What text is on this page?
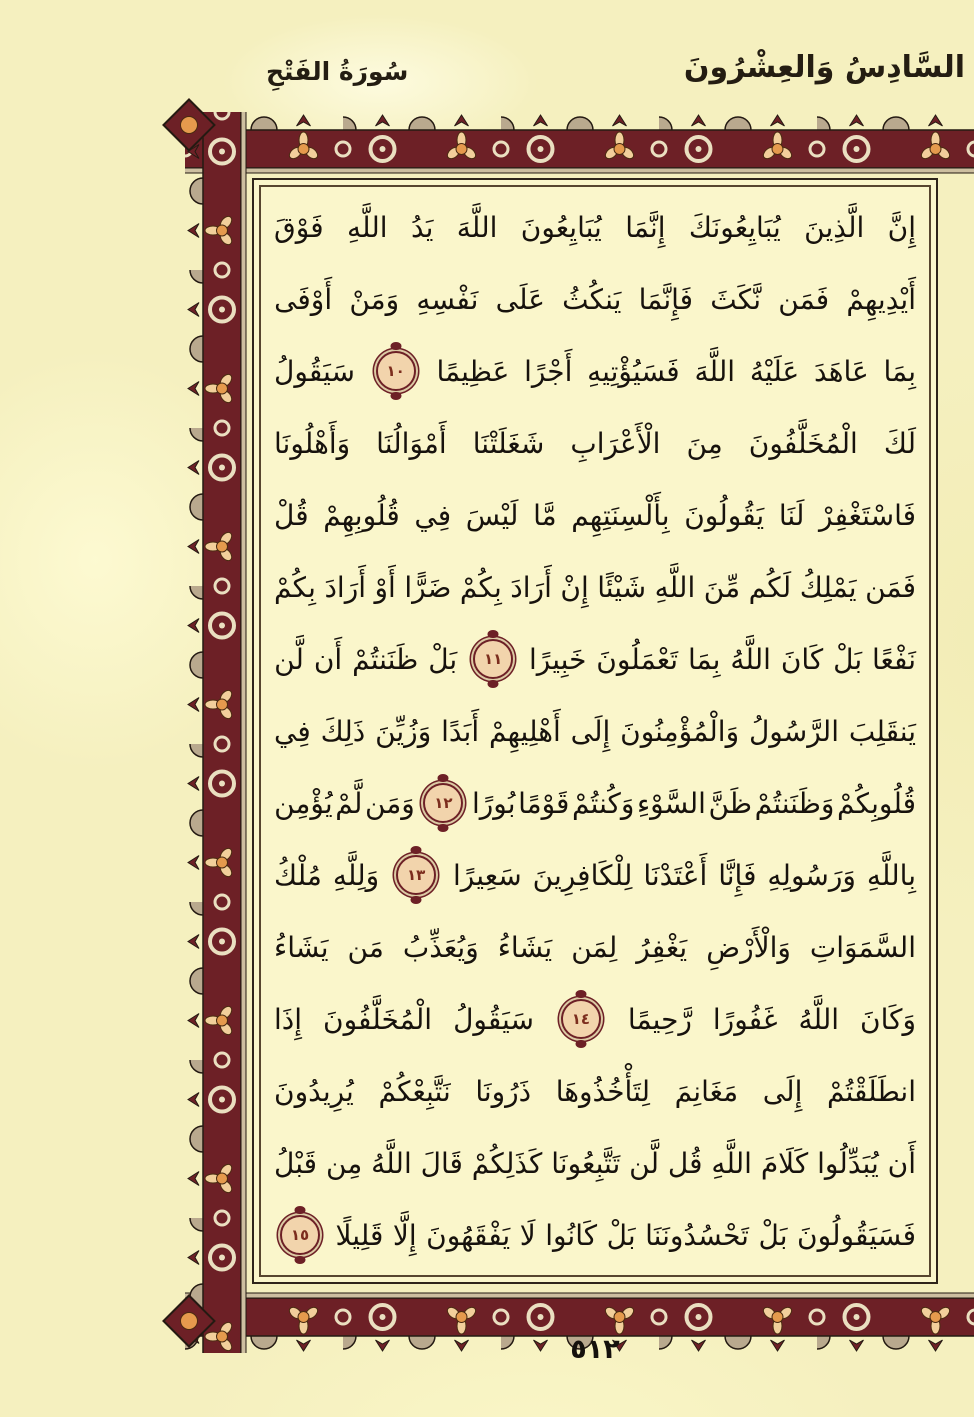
السَّادِسُ وَالعِشْرُونَ
سُورَةُ الفَتْحِ
إِنَّ
الَّذِينَ
يُبَايِعُونَكَ
إِنَّمَا
يُبَايِعُونَ
اللَّهَ
يَدُ
اللَّهِ
فَوْقَ
أَيْدِيهِمْ
فَمَن
نَّكَثَ
فَإِنَّمَا
يَنكُثُ
عَلَى
نَفْسِهِ
وَمَنْ
أَوْفَى
بِمَا
عَاهَدَ
عَلَيْهُ
اللَّهَ
فَسَيُؤْتِيهِ
أَجْرًا
عَظِيمًا
١٠
سَيَقُولُ
لَكَ
الْمُخَلَّفُونَ
مِنَ
الْأَعْرَابِ
شَغَلَتْنَا
أَمْوَالُنَا
وَأَهْلُونَا
فَاسْتَغْفِرْ
لَنَا
يَقُولُونَ
بِأَلْسِنَتِهِم
مَّا
لَيْسَ
فِي
قُلُوبِهِمْ
قُلْ
فَمَن
يَمْلِكُ
لَكُم
مِّنَ
اللَّهِ
شَيْئًا
إِنْ
أَرَادَ
بِكُمْ
ضَرًّا
أَوْ
أَرَادَ
بِكُمْ
نَفْعًا
بَلْ
كَانَ
اللَّهُ
بِمَا
تَعْمَلُونَ
خَبِيرًا
١١
بَلْ
ظَنَنتُمْ
أَن
لَّن
يَنقَلِبَ
الرَّسُولُ
وَالْمُؤْمِنُونَ
إِلَى
أَهْلِيهِمْ
أَبَدًا
وَزُيِّنَ
ذَلِكَ
فِي
قُلُوبِكُمْ
وَظَنَنتُمْ
ظَنَّ
السَّوْءِ
وَكُنتُمْ
قَوْمًا
بُورًا
١٢
وَمَن
لَّمْ
يُؤْمِن
بِاللَّهِ
وَرَسُولِهِ
فَإِنَّا
أَعْتَدْنَا
لِلْكَافِرِينَ
سَعِيرًا
١٣
وَلِلَّهِ
مُلْكُ
السَّمَوَاتِ
وَالْأَرْضِ
يَغْفِرُ
لِمَن
يَشَاءُ
وَيُعَذِّبُ
مَن
يَشَاءُ
وَكَانَ
اللَّهُ
غَفُورًا
رَّحِيمًا
١٤
سَيَقُولُ
الْمُخَلَّفُونَ
إِذَا
انطَلَقْتُمْ
إِلَى
مَغَانِمَ
لِتَأْخُذُوهَا
ذَرُونَا
نَتَّبِعْكُمْ
يُرِيدُونَ
أَن
يُبَدِّلُوا
كَلَامَ
اللَّهِ
قُل
لَّن
تَتَّبِعُونَا
كَذَلِكُمْ
قَالَ
اللَّهُ
مِن
قَبْلُ
فَسَيَقُولُونَ
بَلْ
تَحْسُدُونَنَا
بَلْ
كَانُوا
لَا
يَفْقَهُونَ
إِلَّا
قَلِيلًا
١٥
٥١٢
